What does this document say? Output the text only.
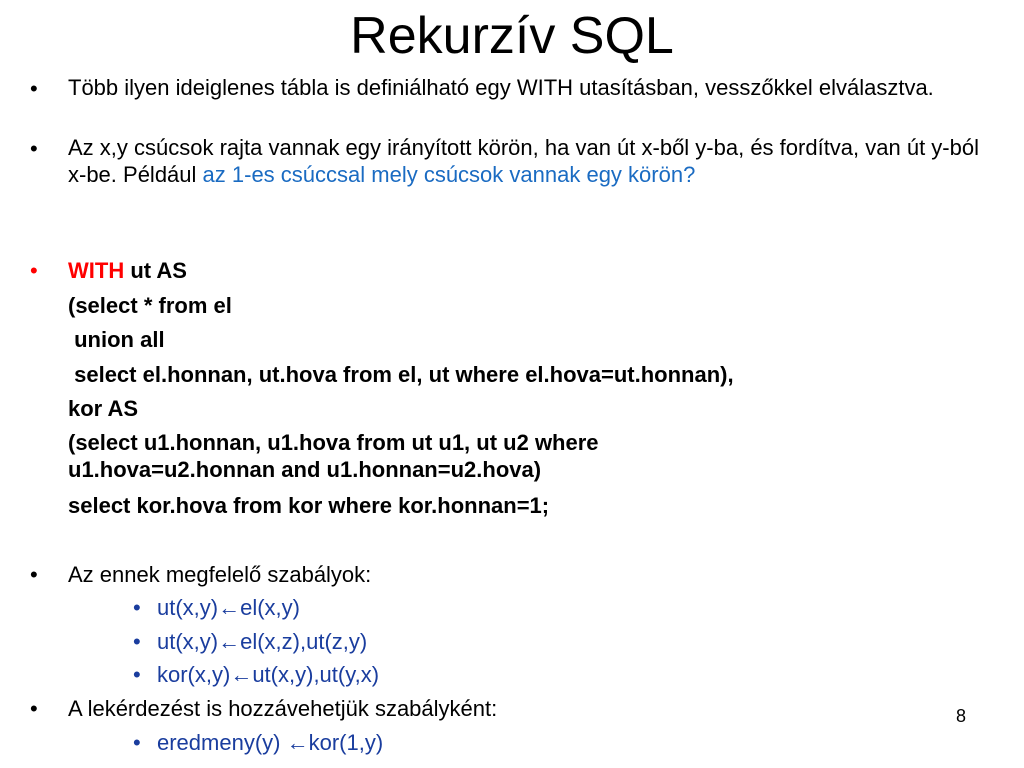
Rekurzív SQL
• Több ilyen ideiglenes tábla is definiálható egy WITH utasításban, vesszőkkel elválasztva.
• Az x,y csúcsok rajta vannak egy irányított körön, ha van út x-ből y-ba, és fordítva, van út y-ból x-be. Például az 1-es csúccsal mely csúcsok vannak egy körön?
• WITH ut AS
(select * from el
union all
select el.honnan, ut.hova from el, ut where el.hova=ut.honnan),
kor AS
(select u1.honnan, u1.hova from ut u1, ut u2 where u1.hova=u2.honnan and u1.honnan=u2.hova)
select kor.hova from kor where kor.honnan=1;
• Az ennek megfelelő szabályok:
• ut(x,y)←el(x,y)
• ut(x,y)←el(x,z),ut(z,y)
• kor(x,y)←ut(x,y),ut(y,x)
• A lekérdezést is hozzávehetjük szabályként:
• eredmeny(y) ←kor(1,y)
8
